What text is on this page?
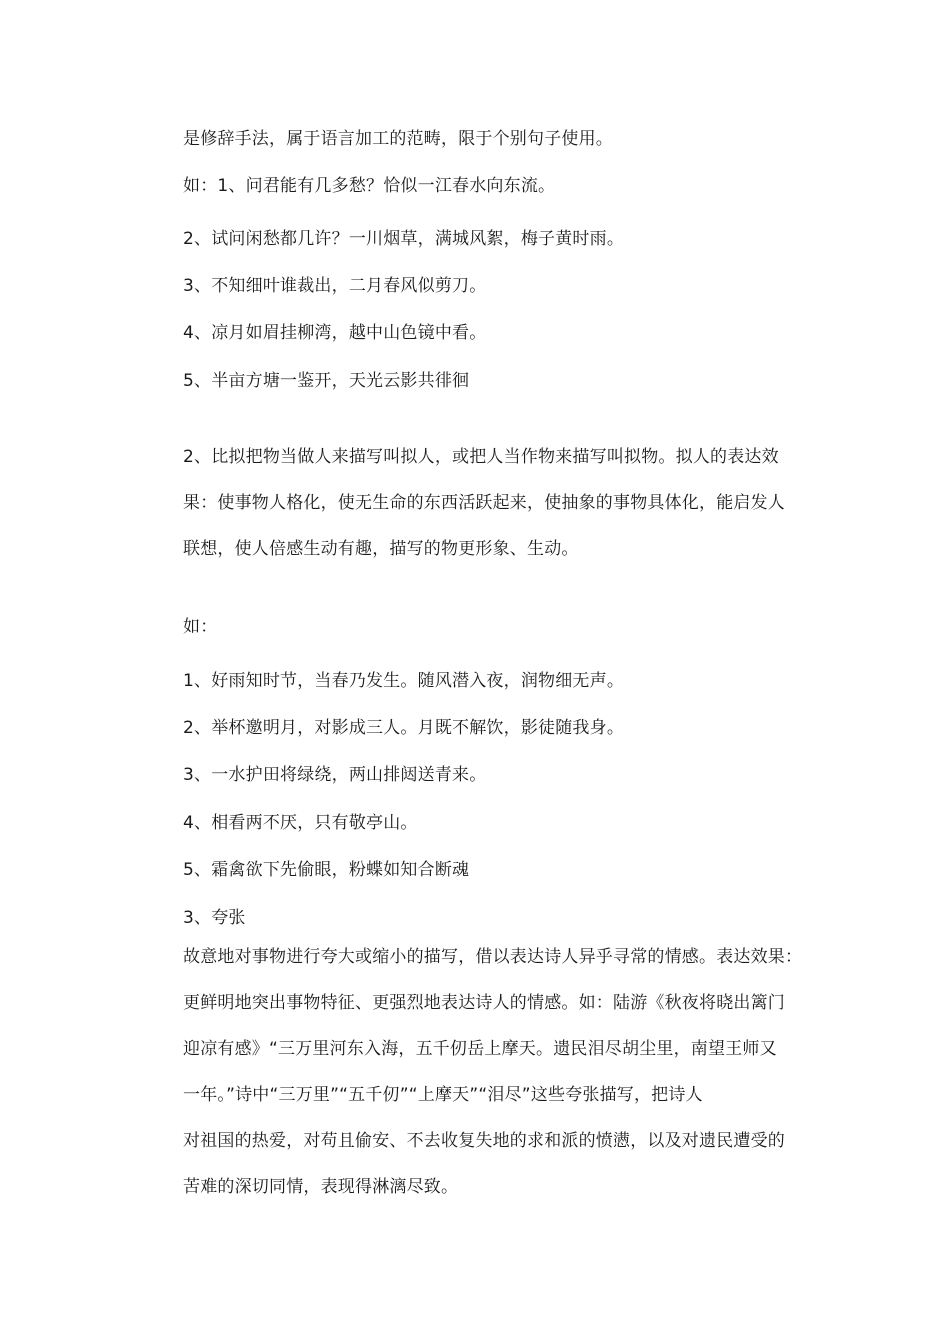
是修辞手法，属于语言加工的范畴，限于个别句子使用。
如：1、问君能有几多愁？恰似一江春水向东流。
2、试问闲愁都几许？一川烟草，满城风絮，梅子黄时雨。
3、不知细叶谁裁出，二月春风似剪刀。
4、凉月如眉挂柳湾，越中山色镜中看。
5、半亩方塘一鉴开，天光云影共徘徊
2、比拟把物当做人来描写叫拟人，或把人当作物来描写叫拟物。拟人的表达效
果：使事物人格化，使无生命的东西活跃起来，使抽象的事物具体化，能启发人
联想，使人倍感生动有趣，描写的物更形象、生动。
如：
1、好雨知时节，当春乃发生。随风潜入夜，润物细无声。
2、举杯邀明月，对影成三人。月既不解饮，影徒随我身。
3、一水护田将绿绕，两山排闼送青来。
4、相看两不厌，只有敬亭山。
5、霜禽欲下先偷眼，粉蝶如知合断魂
3、夸张
故意地对事物进行夸大或缩小的描写，借以表达诗人异乎寻常的情感。表达效果：
更鲜明地突出事物特征、更强烈地表达诗人的情感。如：陆游《秋夜将晓出篱门
迎凉有感》“三万里河东入海，五千仞岳上摩天。遗民泪尽胡尘里，南望王师又
一年。”诗中“三万里”“五千仞”“上摩天”“泪尽”这些夸张描写，把诗人
对祖国的热爱，对苟且偷安、不去收复失地的求和派的愤懑，以及对遗民遭受的
苦难的深切同情，表现得淋漓尽致。
